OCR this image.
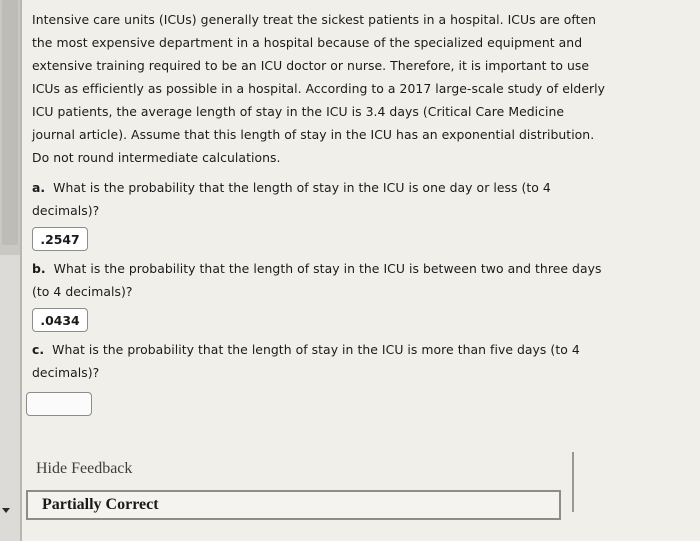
Intensive care units (ICUs) generally treat the sickest patients in a hospital. ICUs are often

the most expensive department in a hospital because of the specialized equipment and

extensive training required to be an ICU doctor or nurse. Therefore, it is important to use

ICUs as efficiently as possible in a hospital. According to a 2017 large-scale study of elderly

ICU patients, the average length of stay in the ICU is 3.4 days (Critical Care Medicine

journal article). Assume that this length of stay in the ICU has an exponential distribution.

Do not round intermediate calculations.

a. What is the probability that the length of stay in the ICU is one day or less (to 4

decimals)?

.2547

b. What is the probability that the length of stay in the ICU is between two and three days

(to 4 decimals)?

.0434

c. What is the probability that the length of stay in the ICU is more than five days (to 4

decimals)?

Hide Feedback
Partially Correct
